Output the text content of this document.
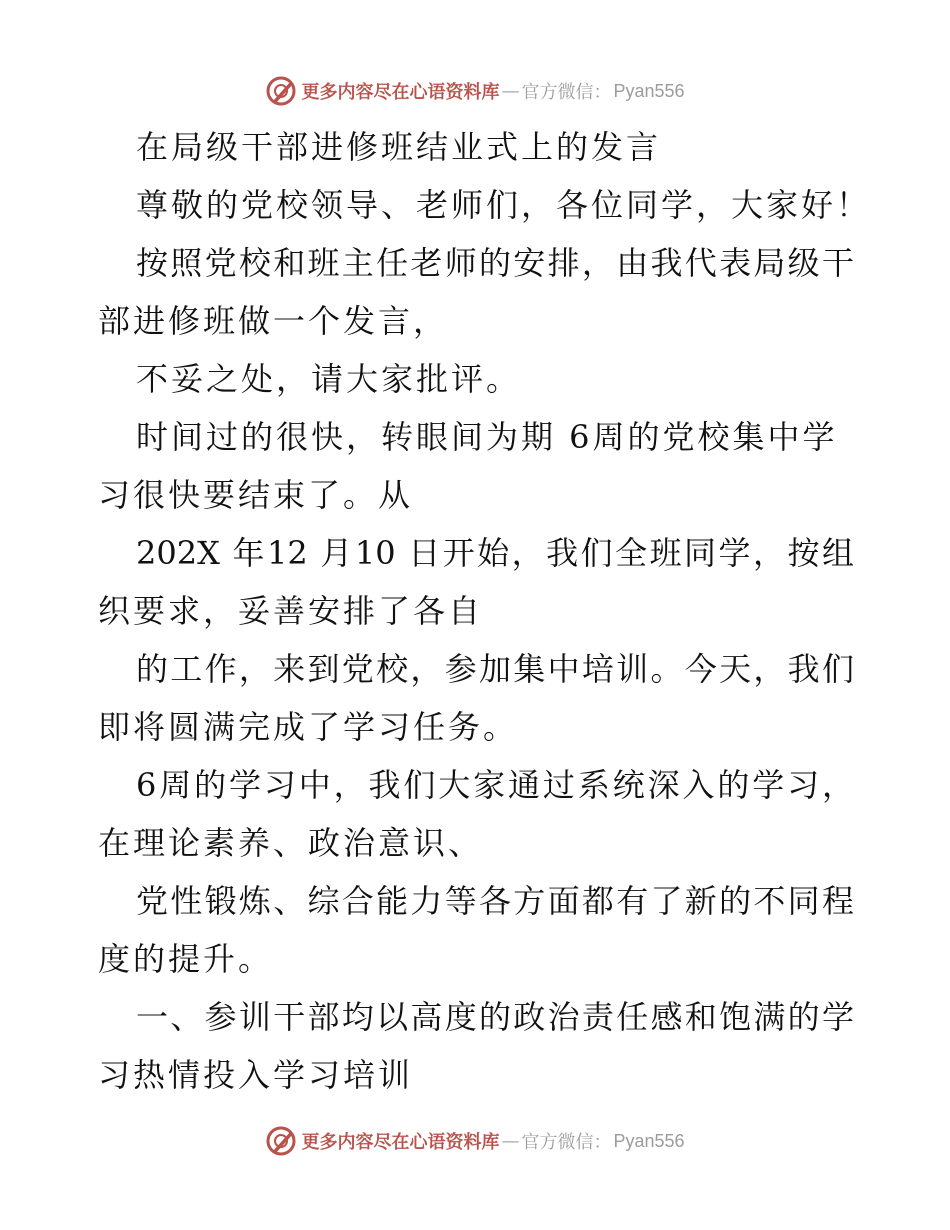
更多内容尽在心语资料库 — 官方微信： Pyan556
在局级干部进修班结业式上的发言
尊敬的党校领导、老师们，各位同学，大家好！
按照党校和班主任老师的安排，由我代表局级干
部进修班做一个发言，
不妥之处，请大家批评。
时间过的很快，转眼间为期 6周的党校集中学
习很快要结束了。从
202X 年12 月10 日开始，我们全班同学，按组
织要求，妥善安排了各自
的工作，来到党校，参加集中培训。今天，我们
即将圆满完成了学习任务。
6周的学习中，我们大家通过系统深入的学习，
在理论素养、政治意识、
党性锻炼、综合能力等各方面都有了新的不同程
度的提升。
一、参训干部均以高度的政治责任感和饱满的学
习热情投入学习培训
更多内容尽在心语资料库 — 官方微信： Pyan556
